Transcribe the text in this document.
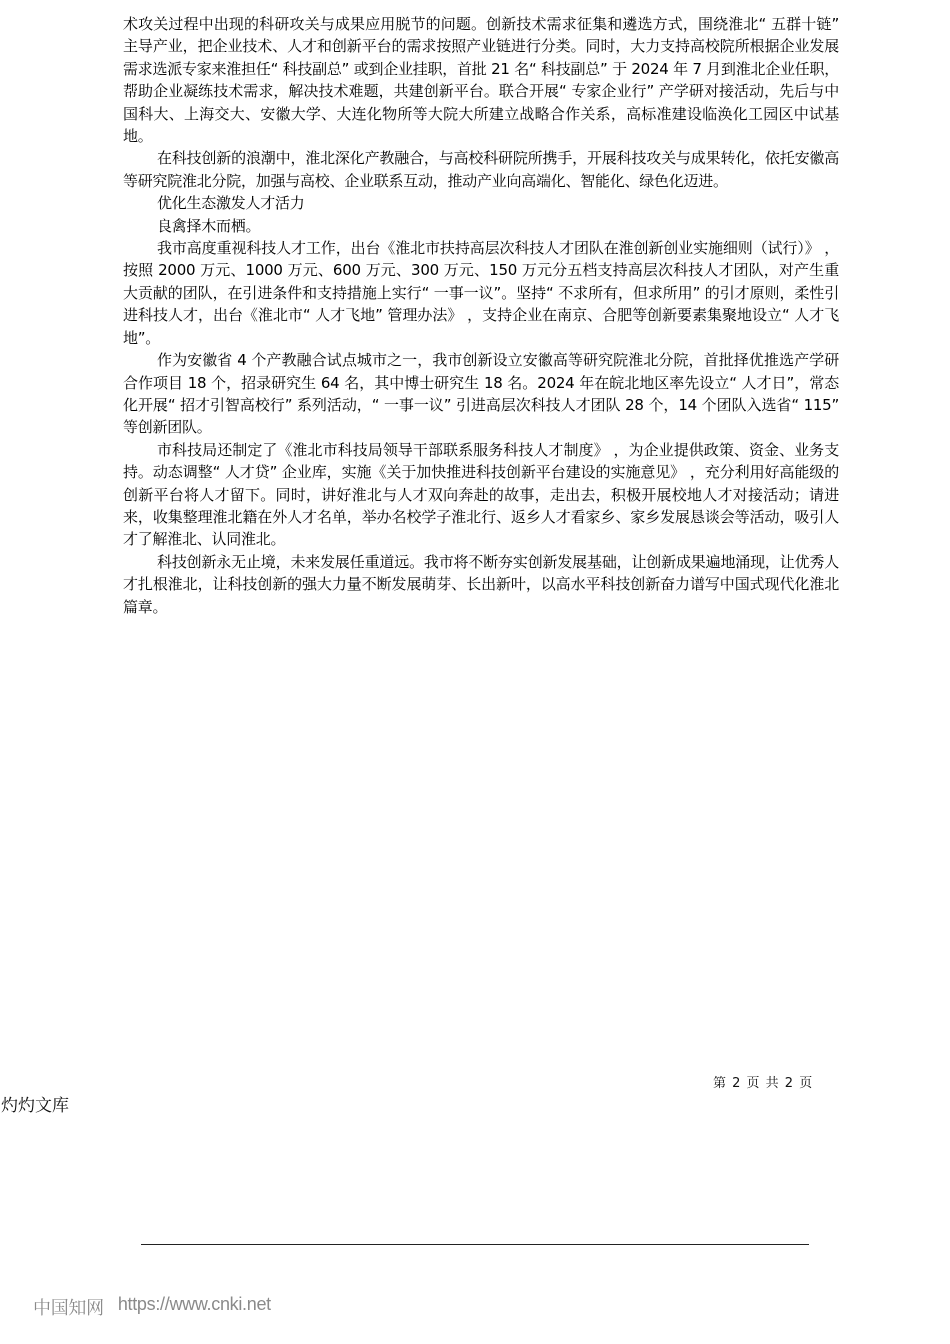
术攻关过程中出现的科研攻关与成果应用脱节的问题。创新技术需求征集和遴选方式，围绕淮北“ 五群十链” 主导产业，把企业技术、人才和创新平台的需求按照产业链进行分类。同时，大力支持高校院所根据企业发展需求选派专家来淮担任“ 科技副总” 或到企业挂职，首批 21 名“ 科技副总” 于 2024 年 7 月到淮北企业任职，帮助企业凝练技术需求，解决技术难题，共建创新平台。联合开展“ 专家企业行” 产学研对接活动，先后与中国科大、上海交大、安徽大学、大连化物所等大院大所建立战略合作关系，高标准建设临涣化工园区中试基地。

在科技创新的浪潮中，淮北深化产教融合，与高校科研院所携手，开展科技攻关与成果转化，依托安徽高等研究院淮北分院，加强与高校、企业联系互动，推动产业向高端化、智能化、绿色化迈进。

优化生态激发人才活力

良禽择木而栖。

我市高度重视科技人才工作，出台《淮北市扶持高层次科技人才团队在淮创新创业实施细则（试行）》 ，按照 2000 万元、1000 万元、600 万元、300 万元、150 万元分五档支持高层次科技人才团队，对产生重大贡献的团队，在引进条件和支持措施上实行“ 一事一议”。坚持“ 不求所有，但求所用” 的引才原则，柔性引进科技人才，出台《淮北市“ 人才飞地” 管理办法》 ，支持企业在南京、合肥等创新要素集聚地设立“ 人才飞地”。

作为安徽省 4 个产教融合试点城市之一，我市创新设立安徽高等研究院淮北分院，首批择优推选产学研合作项目 18 个，招录研究生 64 名，其中博士研究生 18 名。2024 年在皖北地区率先设立“ 人才日”，常态化开展“ 招才引智高校行” 系列活动，“ 一事一议” 引进高层次科技人才团队 28 个，14 个团队入选省“ 115” 等创新团队。

市科技局还制定了《淮北市科技局领导干部联系服务科技人才制度》 ，为企业提供政策、资金、业务支持。动态调整“ 人才贷” 企业库，实施《关于加快推进科技创新平台建设的实施意见》 ，充分利用好高能级的创新平台将人才留下。同时，讲好淮北与人才双向奔赴的故事，走出去，积极开展校地人才对接活动；请进来，收集整理淮北籍在外人才名单，举办名校学子淮北行、返乡人才看家乡、家乡发展恳谈会等活动，吸引人才了解淮北、认同淮北。

科技创新永无止境，未来发展任重道远。我市将不断夯实创新发展基础，让创新成果遍地涌现，让优秀人才扎根淮北，让科技创新的强大力量不断发展萌芽、长出新叶，以高水平科技创新奋力谱写中国式现代化淮北篇章。

第 2 页 共 2 页
灼灼文库
中国知网 https://www.cnki.net
